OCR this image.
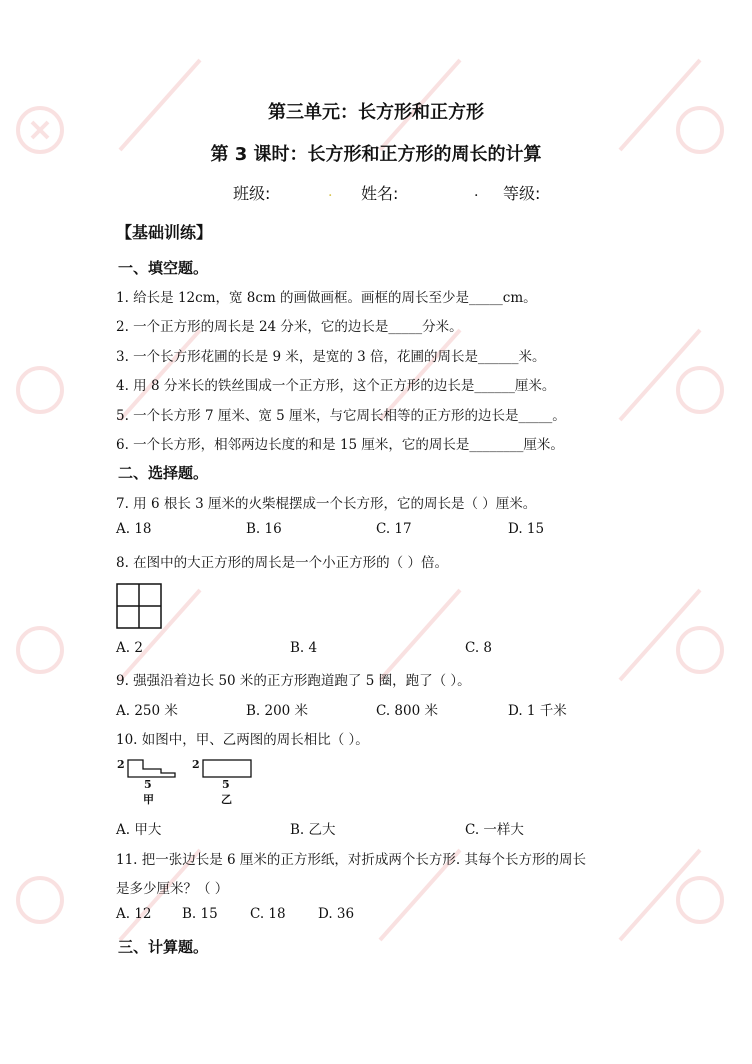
第三单元：长方形和正方形
第 3 课时：长方形和正方形的周长的计算
班级:	. 姓名:	. 等级:
【基础训练】
一、填空题。
1. 给长是 12cm，宽 8cm 的画做画框。画框的周长至少是_____cm。
2. 一个正方形的周长是 24 分米，它的边长是_____分米。
3. 一个长方形花圃的长是 9 米，是宽的 3 倍，花圃的周长是______米。
4. 用 8 分米长的铁丝围成一个正方形，这个正方形的边长是______厘米。
5. 一个长方形 7 厘米、宽 5 厘米，与它周长相等的正方形的边长是_____。
6. 一个长方形，相邻两边长度的和是 15 厘米，它的周长是________厘米。
二、选择题。
7. 用 6 根长 3 厘米的火柴棍摆成一个长方形，它的周长是（ ）厘米。
A. 18	B. 16	C. 17	D. 15
8. 在图中的大正方形的周长是一个小正方形的（ ）倍。
A. 2	B. 4	C. 8
9. 强强沿着边长 50 米的正方形跑道跑了 5 圈，跑了（ ）。
A. 250 米	B. 200 米	C. 800 米	D. 1 千米
10. 如图中，甲、乙两图的周长相比（ ）。
2
5
甲
2
5
乙
A. 甲大	B. 乙大	C. 一样大
11. 把一张边长是 6 厘米的正方形纸，对折成两个长方形. 其每个长方形的周长
是多少厘米？（ ）
A. 12 B. 15 C. 18 D. 36
三、计算题。
